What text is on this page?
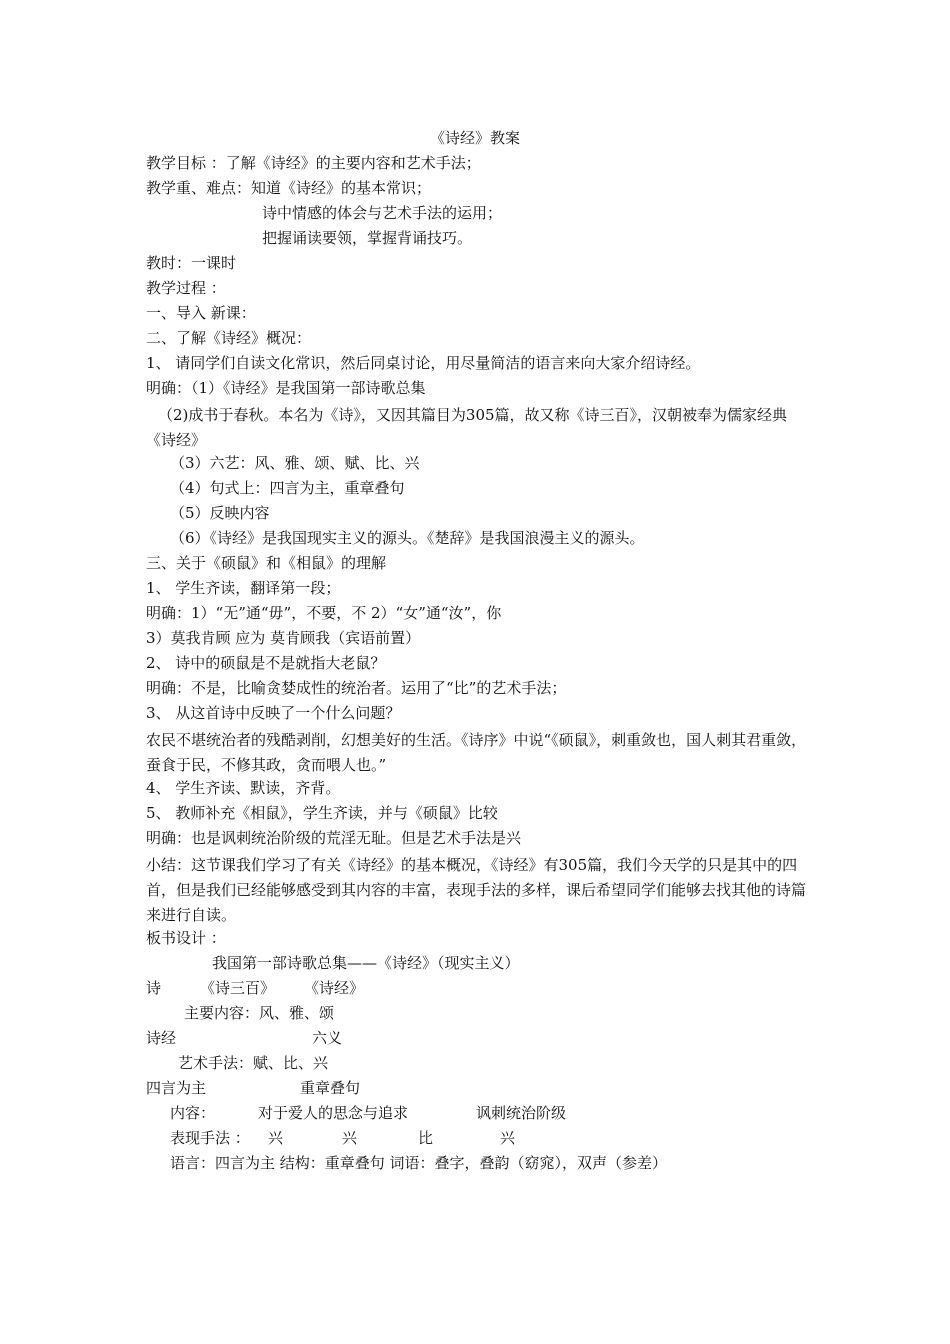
《诗经》教案
教学目标 ：了解《诗经》的主要内容和艺术手法；
教学重、难点：知道《诗经》的基本常识；
诗中情感的体会与艺术手法的运用；
把握诵读要领，掌握背诵技巧。
教时：一课时
教学过程 ：
一、导入 新课：
二、了解《诗经》概况：
1、 请同学们自读文化常识，然后同桌讨论，用尽量简洁的语言来向大家介绍诗经。
明确：（1）《诗经》是我国第一部诗歌总集
（2)成书于春秋。本名为《诗》，又因其篇目为305篇，故又称《诗三百》，汉朝被奉为儒家经典《诗经》
（3）六艺：风、雅、颂、赋、比、兴
（4）句式上：四言为主，重章叠句
（5）反映内容
（6）《诗经》是我国现实主义的源头。《楚辞》是我国浪漫主义的源头。
三、关于《硕鼠》和《相鼠》的理解
1、 学生齐读，翻译第一段；
明确：1）“无”通“毋”，不要，不 2）“女”通“汝”，你
3）莫我肯顾 应为 莫肯顾我（宾语前置）
2、 诗中的硕鼠是不是就指大老鼠？
明确：不是，比喻贪婪成性的统治者。运用了“比”的艺术手法；
3、 从这首诗中反映了一个什么问题？
农民不堪统治者的残酷剥削，幻想美好的生活。《诗序》中说“《硕鼠》，刺重敛也，国人刺其君重敛，蚕食于民，不修其政，贪而喂人也。”
4、 学生齐读、默读，齐背。
5、 教师补充《相鼠》，学生齐读，并与《硕鼠》比较
明确：也是讽刺统治阶级的荒淫无耻。但是艺术手法是兴
小结：这节课我们学习了有关《诗经》的基本概况，《诗经》有305篇，我们今天学的只是其中的四首，但是我们已经能够感受到其内容的丰富，表现手法的多样，课后希望同学们能够去找其他的诗篇来进行自读。
板书设计 ：
我国第一部诗歌总集——《诗经》（现实主义）
诗	《诗三百》 《诗经》
主要内容：风、雅、颂
诗经	六义
艺术手法：赋、比、兴
四言为主	重章叠句
内容：	对于爱人的思念与追求	讽刺统治阶级
表现手法 ： 兴	兴	比	兴
语言：四言为主 结构：重章叠句 词语：叠字，叠韵（窈窕），双声（参差）
